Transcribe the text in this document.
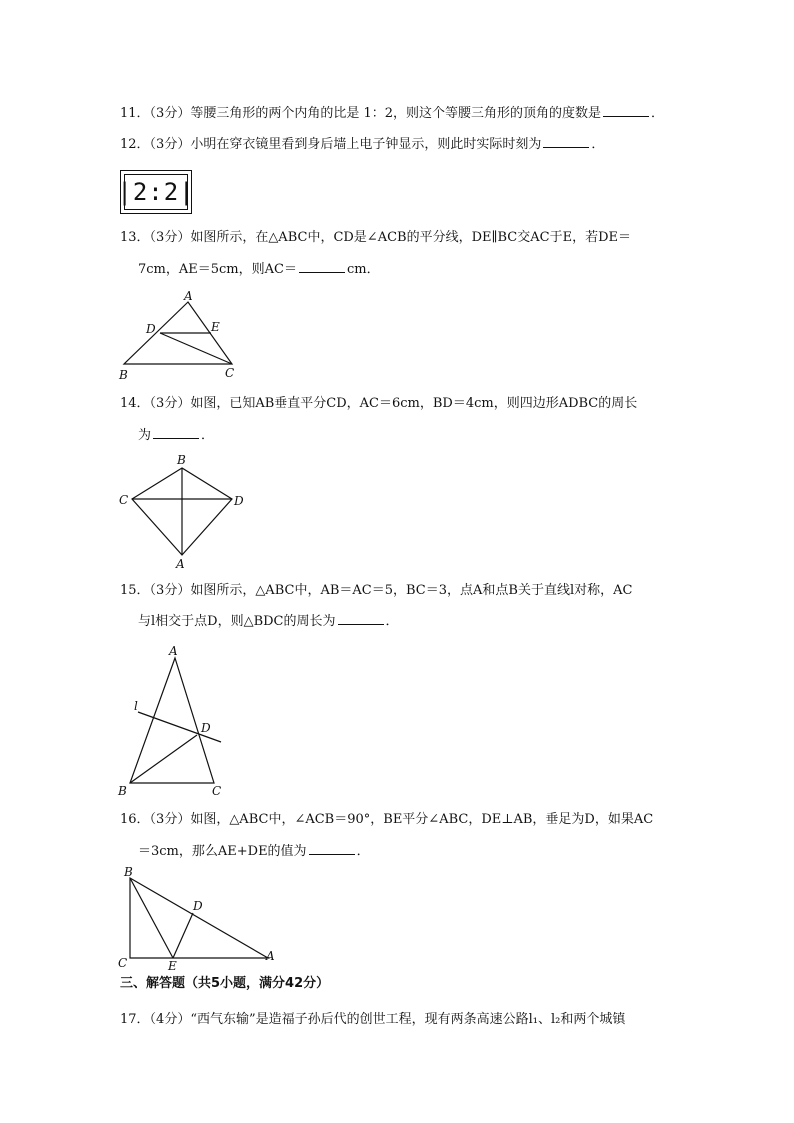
11．（3分）等腰三角形的两个内角的比是 1：2，则这个等腰三角形的顶角的度数是	．
12．（3分）小明在穿衣镜里看到身后墙上电子钟显示，则此时实际时刻为	．
|2:2|
13．（3分）如图所示，在△ABC中，CD是∠ACB的平分线，DE∥BC交AC于E，若DE＝
7cm，AE＝5cm，则AC＝	cm．
A
D	E
B	C
14．（3分）如图，已知AB垂直平分CD，AC＝6cm，BD＝4cm，则四边形ADBC的周长
为	．
B
C	D
A
15．（3分）如图所示，△ABC中，AB＝AC＝5，BC＝3，点A和点B关于直线l对称，AC
与l相交于点D，则△BDC的周长为	．
A
l
D
B	C
16．（3分）如图，△ABC中，∠ACB＝90°，BE平分∠ABC，DE⊥AB，垂足为D，如果AC
＝3cm，那么AE+DE的值为	．
B
D
C	E
A
三、解答题（共5小题，满分42分）
17．（4分）“西气东输”是造福子孙后代的创世工程，现有两条高速公路l₁、l₂和两个城镇
